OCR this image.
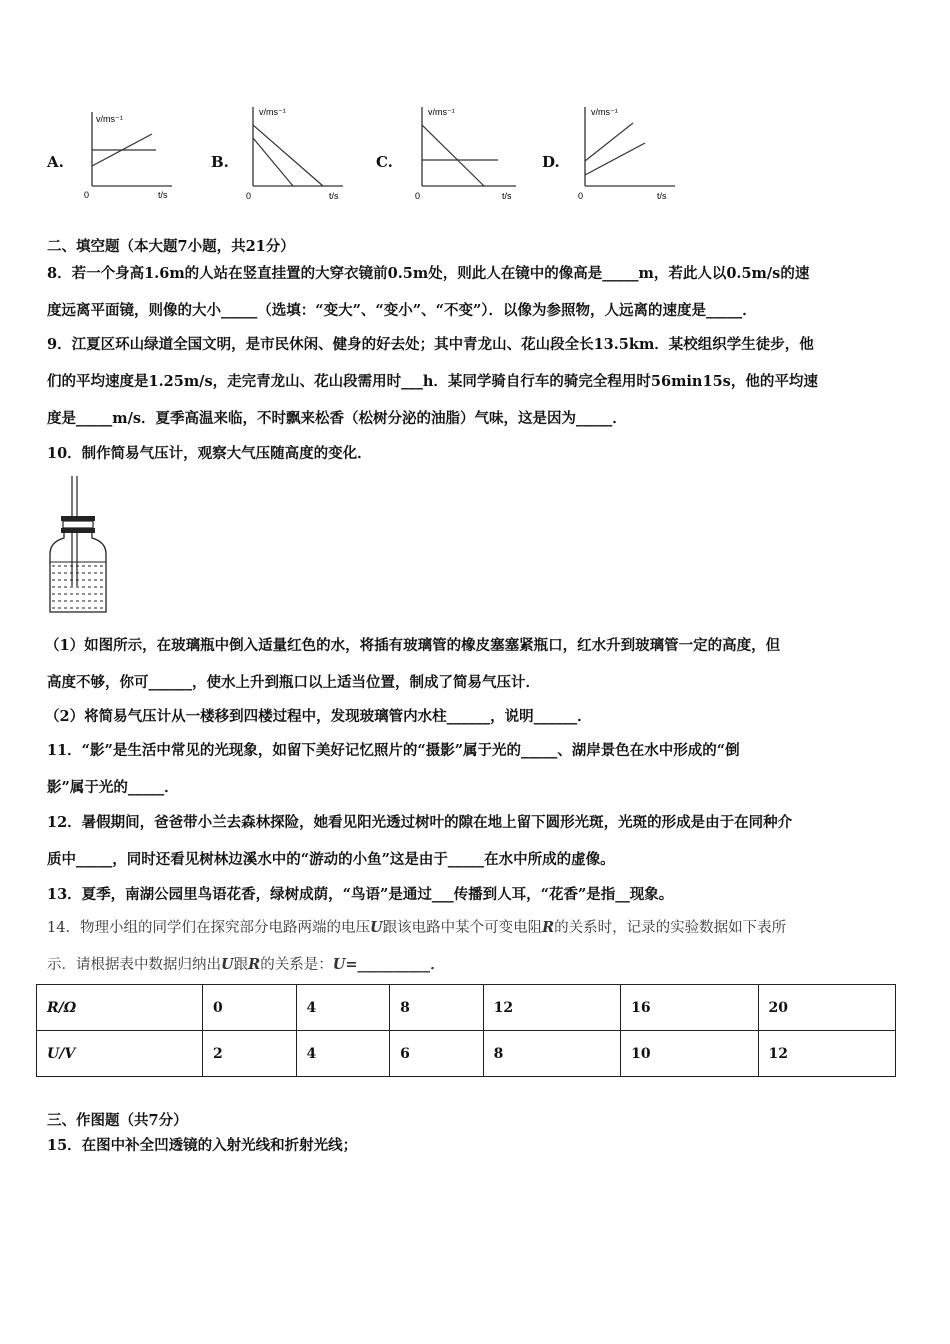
A.
v/ms⁻¹
0	t/s
B.
v/ms⁻¹
0	t/s
C.
v/ms⁻¹
0	t/s
D.
v/ms⁻¹
0	t/s
二、填空题（本大题7小题，共21分）
8．若一个身高1.6m的人站在竖直挂置的大穿衣镜前0.5m处，则此人在镜中的像高是_____m，若此人以0.5m/s的速
度远离平面镜，则像的大小_____（选填：“变大”、“变小”、“不变”）．以像为参照物，人远离的速度是_____．
9．江夏区环山绿道全国文明，是市民休闲、健身的好去处；其中青龙山、花山段全长13.5km．某校组织学生徒步，他
们的平均速度是1.25m/s，走完青龙山、花山段需用时___h．某同学骑自行车的骑完全程用时56min15s，他的平均速
度是_____m/s．夏季高温来临，不时飘来松香（松树分泌的油脂）气味，这是因为_____．
10．制作简易气压计，观察大气压随高度的变化．
（1）如图所示，在玻璃瓶中倒入适量红色的水，将插有玻璃管的橡皮塞塞紧瓶口，红水升到玻璃管一定的高度，但
高度不够，你可______，使水上升到瓶口以上适当位置，制成了简易气压计．
（2）将简易气压计从一楼移到四楼过程中，发现玻璃管内水柱______，说明______．
11．“影”是生活中常见的光现象，如留下美好记忆照片的“摄影”属于光的_____、湖岸景色在水中形成的“倒
影”属于光的_____．
12．暑假期间，爸爸带小兰去森林探险，她看见阳光透过树叶的隙在地上留下圆形光斑，光斑的形成是由于在同种介
质中_____，同时还看见树林边溪水中的“游动的小鱼”这是由于_____在水中所成的虚像。
13．夏季，南湖公园里鸟语花香，绿树成荫，“鸟语”是通过___传播到人耳，“花香”是指__现象。
14．物理小组的同学们在探究部分电路两端的电压U跟该电路中某个可变电阻R的关系时，记录的实验数据如下表所
示．请根据表中数据归纳出U跟R的关系是：U=__________．
R/Ω	0	4	8	12	16	20
U/V	2	4	6	8	10	12
三、作图题（共7分）
15．在图中补全凹透镜的入射光线和折射光线；
